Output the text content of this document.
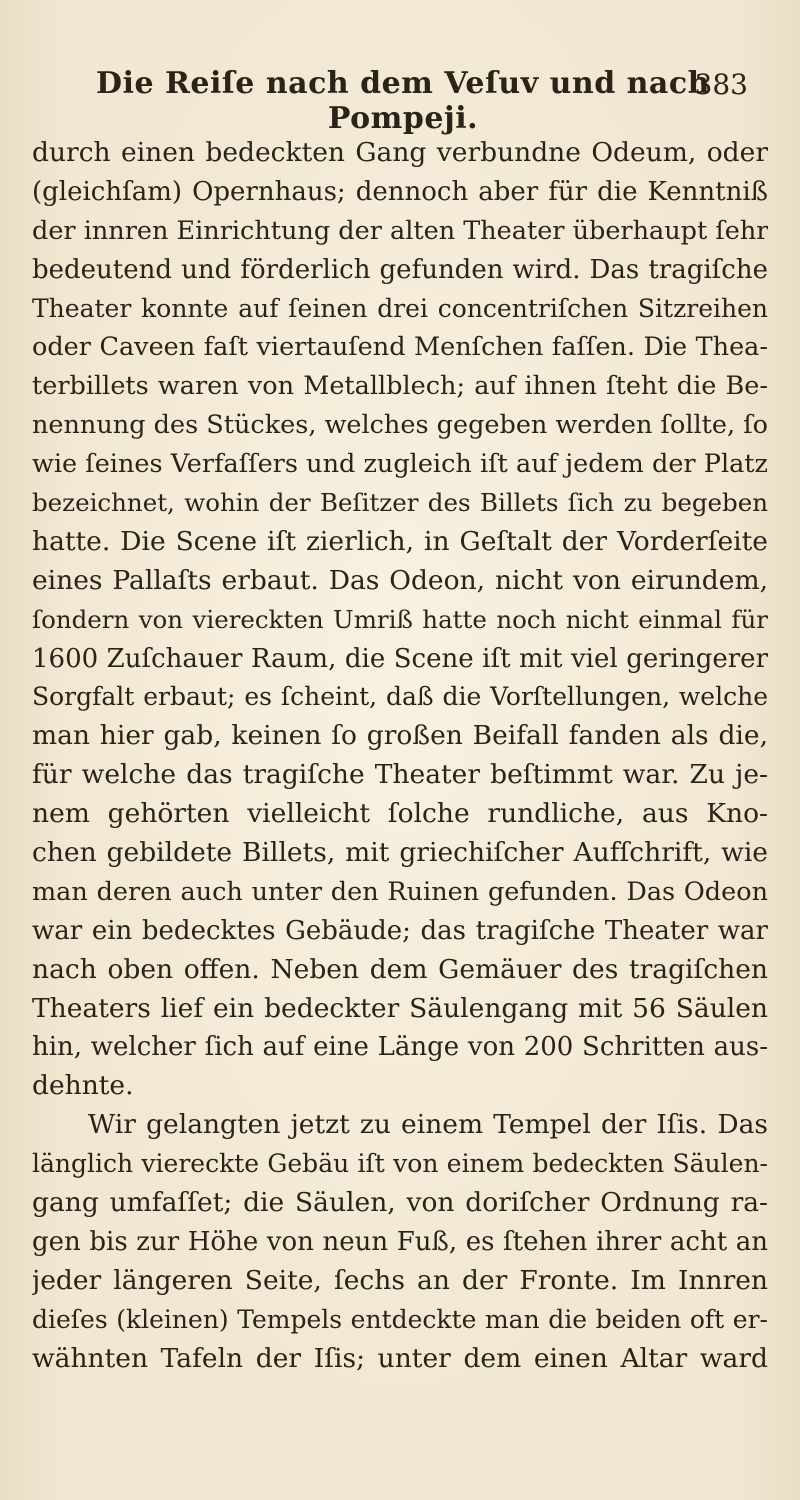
Die Reiſe nach dem Veſuv und nach Pompeji.
383
durch einen bedeckten Gang verbundne Odeum, oder
(gleichſam) Opernhaus; dennoch aber für die Kenntniß
der innren Einrichtung der alten Theater überhaupt ſehr
bedeutend und förderlich gefunden wird. Das tragiſche
Theater konnte auf ſeinen drei concentriſchen Sitzreihen
oder Caveen faſt viertauſend Menſchen faſſen. Die Thea-
terbillets waren von Metallblech; auf ihnen ſteht die Be-
nennung des Stückes, welches gegeben werden ſollte, ſo
wie ſeines Verfaſſers und zugleich iſt auf jedem der Platz
bezeichnet, wohin der Beſitzer des Billets ſich zu begeben
hatte. Die Scene iſt zierlich, in Geſtalt der Vorderſeite
eines Pallaſts erbaut. Das Odeon, nicht von eirundem,
ſondern von viereckten Umriß hatte noch nicht einmal für
1600 Zuſchauer Raum, die Scene iſt mit viel geringerer
Sorgfalt erbaut; es ſcheint, daß die Vorſtellungen, welche
man hier gab, keinen ſo großen Beifall fanden als die,
für welche das tragiſche Theater beſtimmt war. Zu je-
nem gehörten vielleicht ſolche rundliche, aus Kno-
chen gebildete Billets, mit griechiſcher Aufſchrift, wie
man deren auch unter den Ruinen gefunden. Das Odeon
war ein bedecktes Gebäude; das tragiſche Theater war
nach oben offen. Neben dem Gemäuer des tragiſchen
Theaters lief ein bedeckter Säulengang mit 56 Säulen
hin, welcher ſich auf eine Länge von 200 Schritten aus-
dehnte.
Wir gelangten jetzt zu einem Tempel der Iſis. Das
länglich viereckte Gebäu iſt von einem bedeckten Säulen-
gang umfaſſet; die Säulen, von doriſcher Ordnung ra-
gen bis zur Höhe von neun Fuß, es ſtehen ihrer acht an
jeder längeren Seite, ſechs an der Fronte. Im Innren
dieſes (kleinen) Tempels entdeckte man die beiden oft er-
wähnten Tafeln der Iſis; unter dem einen Altar ward
